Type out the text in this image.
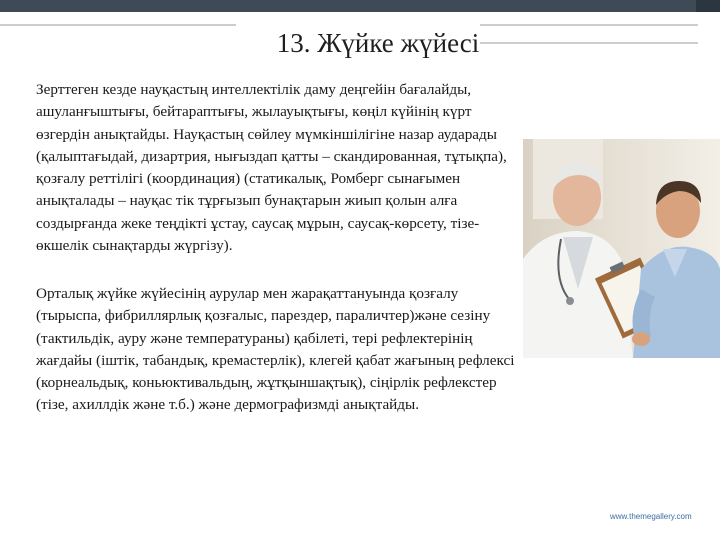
13. Жүйке жүйесі

Зерттеген кезде науқастың интеллектілік даму деңгейін бағалайды, ашуланғыштығы, бейтараптығы, жылауықтығы, көңіл күйінің күрт өзгердін анықтайды. Науқастың сөйлеу мүмкіншілігіне назар аударады (қалыптағыдай, дизартрия, нығыздап қатты – скандированная, тұтықпа), қозғалу реттілігі (координация) (статикалық, Ромберг сынағымен анықталады – науқас тік тұрғызып бунақтарын жиып қолын алға создырғанда жеке теңдікті ұстау, саусақ мұрын, саусақ-көрсету, тізе-өкшелік сынақтарды жүргізу).

Орталық жүйке жүйесінің аурулар мен жарақаттануында қозғалу (тырыспа, фибриллярлық қозғалыс, парездер, параличтер)және сезіну (тактильдік, ауру және температураны) қабілеті, тері рефлектерінің жағдайы (іштік, табандық, кремастерлік), клегей қабат жағының рефлексі (корнеальдық, коньюктивальдың, жұтқыншақтық), сіңірлік рефлекстер (тізе, ахиллдік және т.б.) және дермографизмді анықтайды.

www.themegallery.com
